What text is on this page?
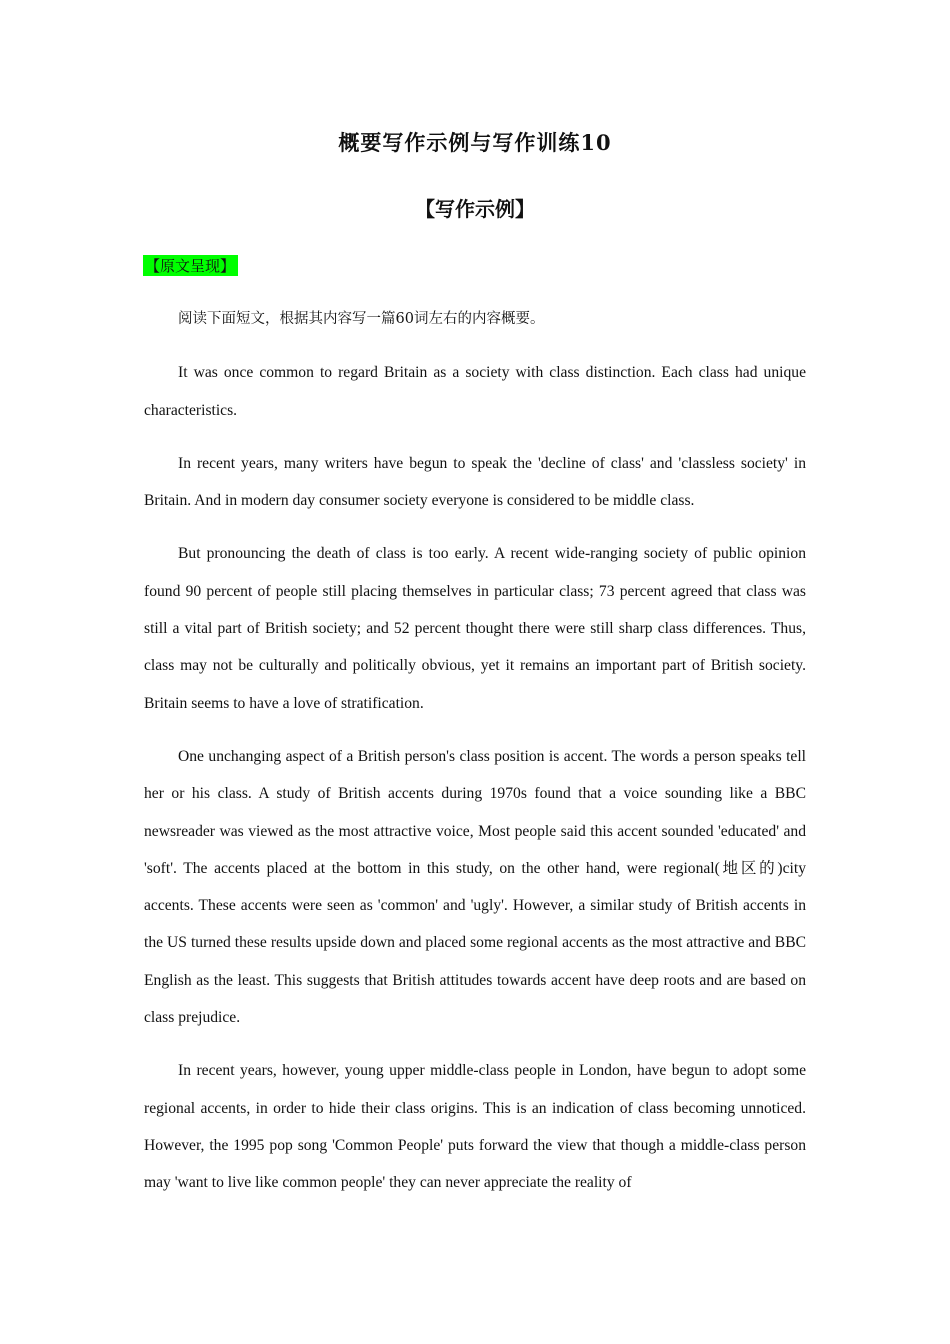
概要写作示例与写作训练10
【写作示例】
【原文呈现】

阅读下面短文，根据其内容写一篇60词左右的内容概要。

It was once common to regard Britain as a society with class distinction. Each class had unique characteristics.

In recent years, many writers have begun to speak the 'decline of class' and 'classless society' in Britain. And in modern day consumer society everyone is considered to be middle class.

But pronouncing the death of class is too early. A recent wide-ranging society of public opinion found 90 percent of people still placing themselves in particular class; 73 percent agreed that class was still a vital part of British society; and 52 percent thought there were still sharp class differences. Thus, class may not be culturally and politically obvious, yet it remains an important part of British society. Britain seems to have a love of stratification.

One unchanging aspect of a British person's class position is accent. The words a person speaks tell her or his class. A study of British accents during 1970s found that a voice sounding like a BBC newsreader was viewed as the most attractive voice, Most people said this accent sounded 'educated' and 'soft'. The accents placed at the bottom in this study, on the other hand, were regional(地区的)city accents. These accents were seen as 'common' and 'ugly'. However, a similar study of British accents in the US turned these results upside down and placed some regional accents as the most attractive and BBC English as the least. This suggests that British attitudes towards accent have deep roots and are based on class prejudice.

In recent years, however, young upper middle-class people in London, have begun to adopt some regional accents, in order to hide their class origins. This is an indication of class becoming unnoticed. However, the 1995 pop song 'Common People' puts forward the view that though a middle-class person may 'want to live like common people' they can never appreciate the reality of
